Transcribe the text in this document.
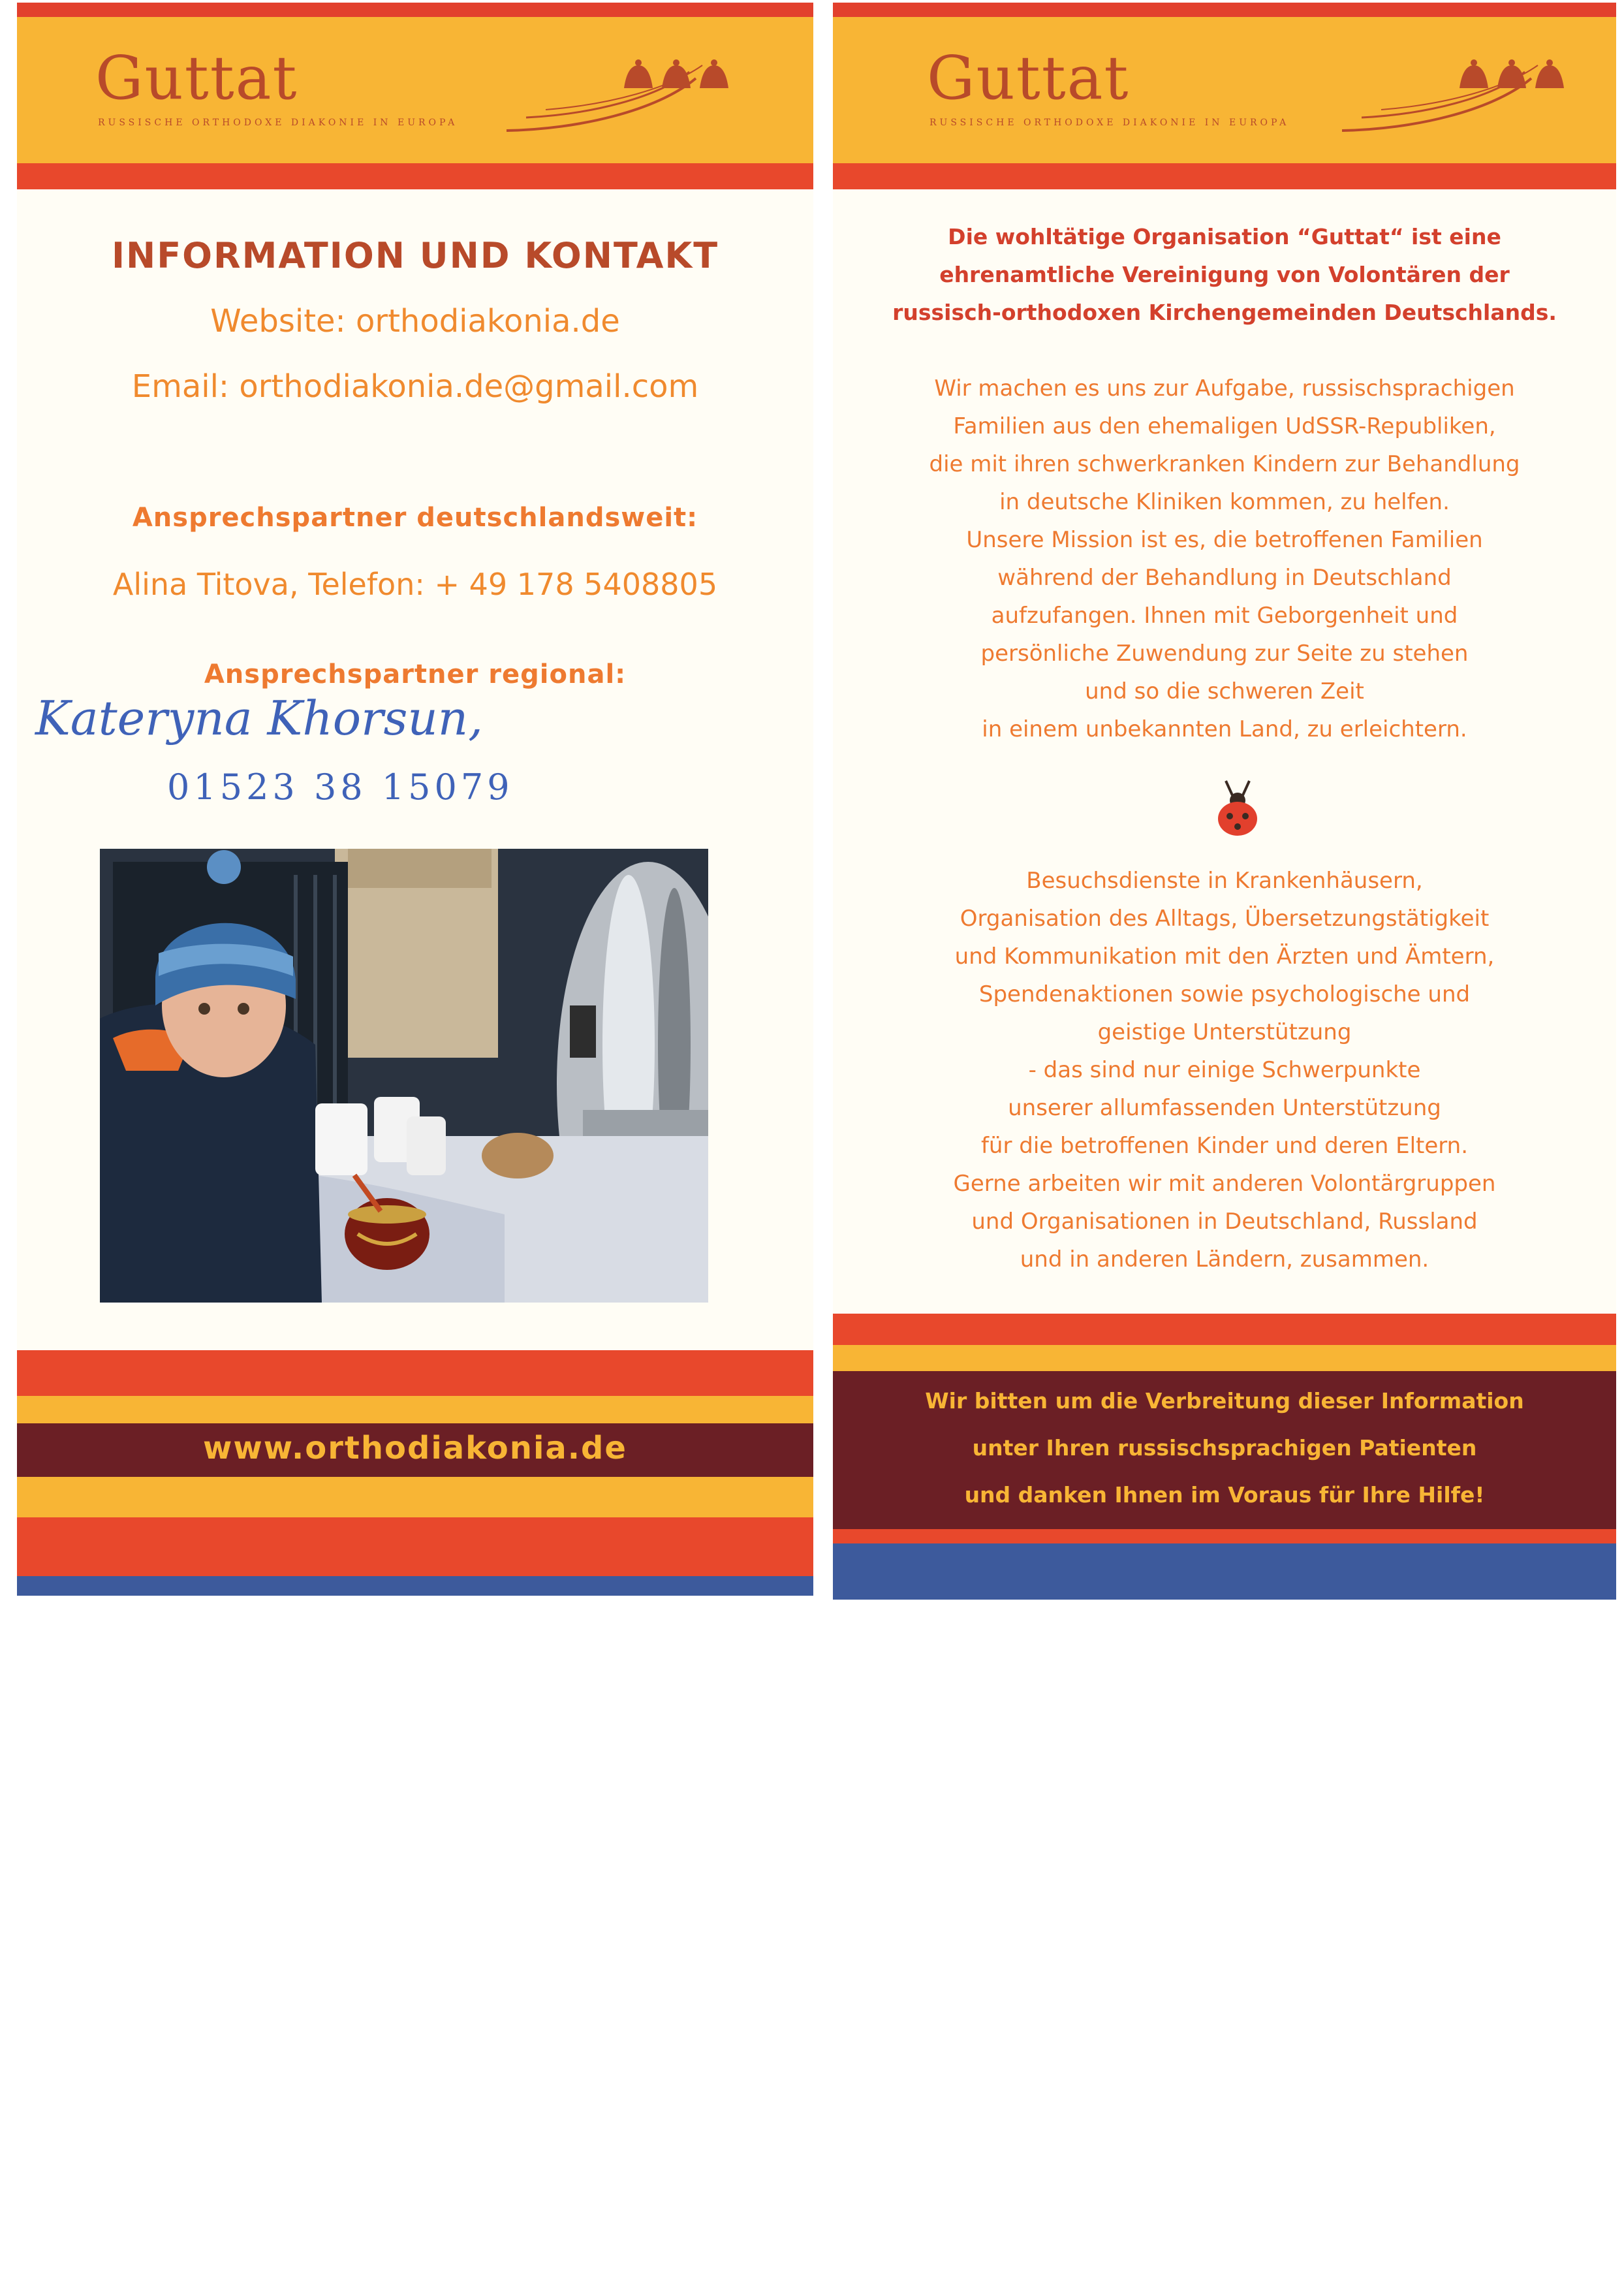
Guttat
RUSSISCHE ORTHODOXE DIAKONIE IN EUROPA
INFORMATION UND KONTAKT
Website: orthodiakonia.de
Email: orthodiakonia.de@gmail.com
Ansprechspartner deutschlandsweit:
Alina Titova, Telefon: + 49 178 5408805
Ansprechspartner regional:
Kateryna Khorsun,
01523 38 15079
www.orthodiakonia.de
Guttat
RUSSISCHE ORTHODOXE DIAKONIE IN EUROPA
Die wohltätige Organisation “Guttat“ ist eine
ehrenamtliche Vereinigung von Volontären der
russisch-orthodoxen Kirchengemeinden Deutschlands.
Wir machen es uns zur Aufgabe, russischsprachigen
Familien aus den ehemaligen UdSSR-Republiken,
die mit ihren schwerkranken Kindern zur Behandlung
in deutsche Kliniken kommen, zu helfen.
Unsere Mission ist es, die betroffenen Familien
während der Behandlung in Deutschland
aufzufangen. Ihnen mit Geborgenheit und
persönliche Zuwendung zur Seite zu stehen
und so die schweren Zeit
in einem unbekannten Land, zu erleichtern.
Besuchsdienste in Krankenhäusern,
Organisation des Alltags, Übersetzungstätigkeit
und Kommunikation mit den Ärzten und Ämtern,
Spendenaktionen sowie psychologische und
geistige Unterstützung
- das sind nur einige Schwerpunkte
unserer allumfassenden Unterstützung
für die betroffenen Kinder und deren Eltern.
Gerne arbeiten wir mit anderen Volontärgruppen
und Organisationen in Deutschland, Russland
und in anderen Ländern, zusammen.
Wir bitten um die Verbreitung dieser Information
unter Ihren russischsprachigen Patienten
und danken Ihnen im Voraus für Ihre Hilfe!
